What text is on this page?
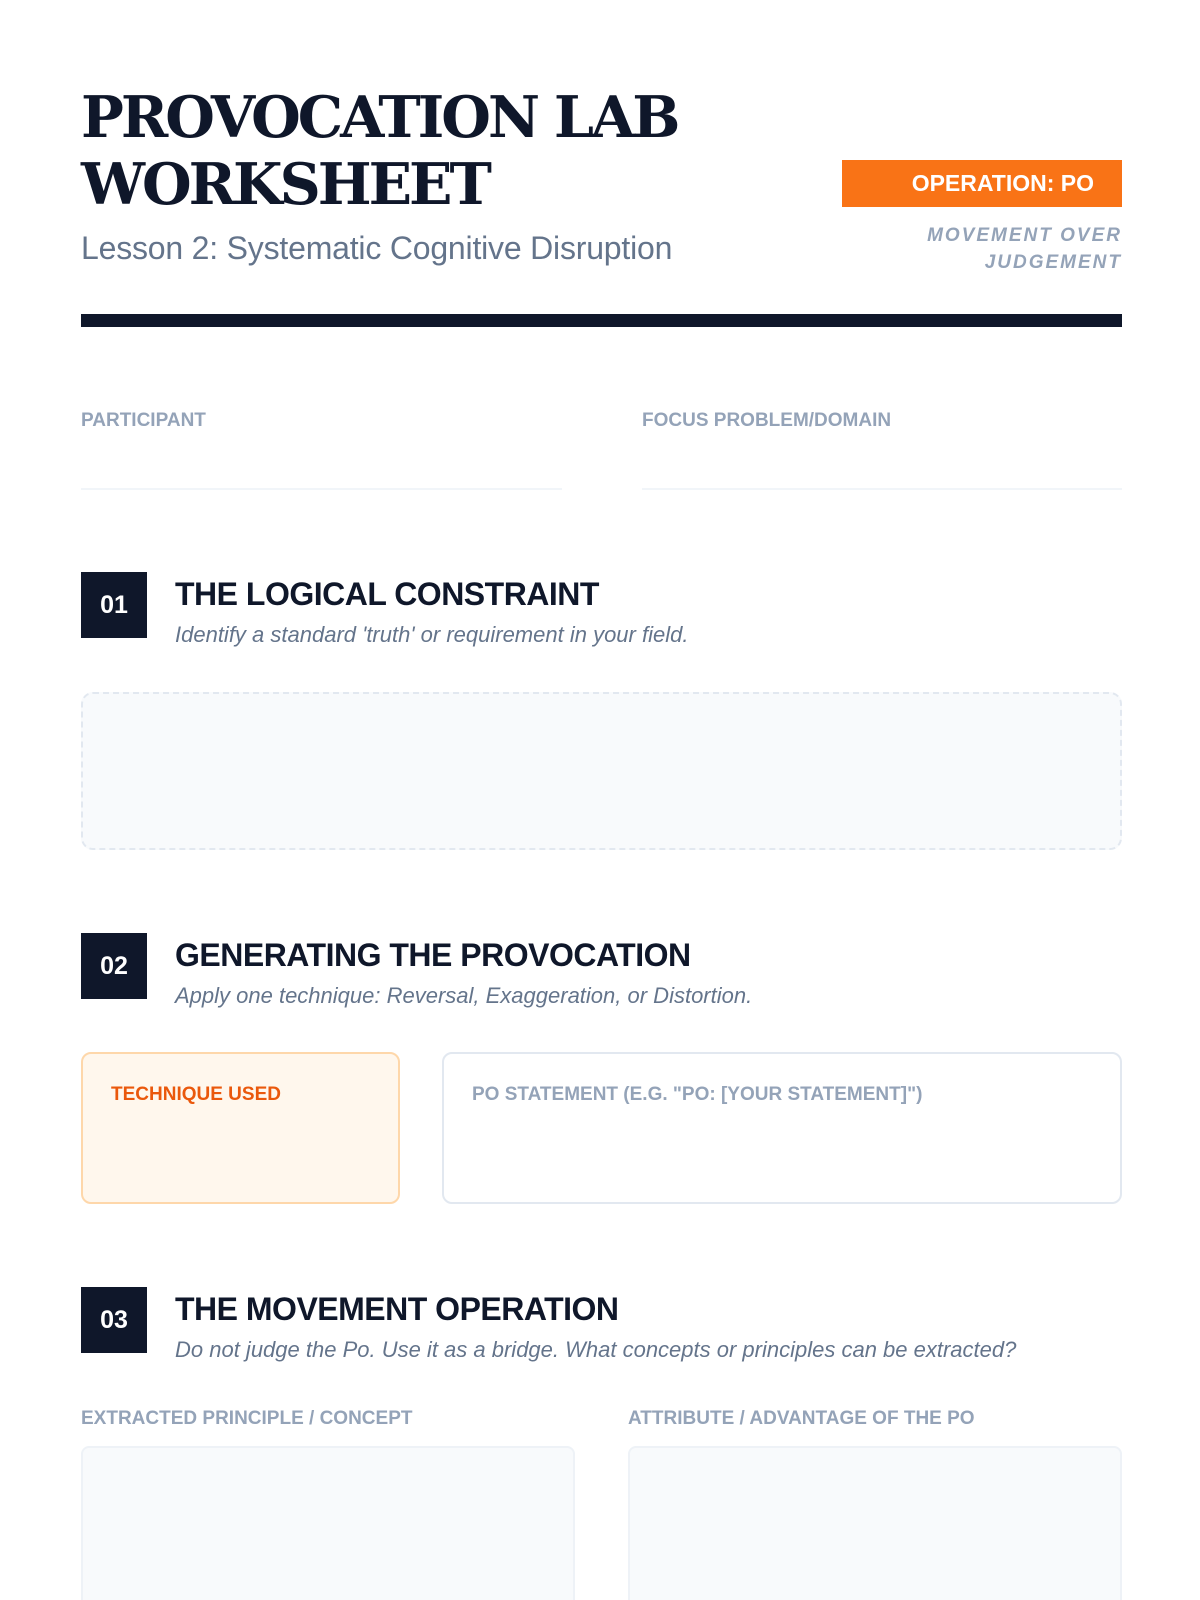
PROVOCATION LAB
WORKSHEET
Lesson 2: Systematic Cognitive Disruption
OPERATION: PO
MOVEMENT OVER JUDGEMENT
PARTICIPANT	FOCUS PROBLEM/DOMAIN
01	THE LOGICAL CONSTRAINT
Identify a standard 'truth' or requirement in your field.
02	GENERATING THE PROVOCATION
Apply one technique: Reversal, Exaggeration, or Distortion.
TECHNIQUE USED	PO STATEMENT (E.G. "PO: [YOUR STATEMENT]")
03	THE MOVEMENT OPERATION
Do not judge the Po. Use it as a bridge. What concepts or principles can be extracted?
EXTRACTED PRINCIPLE / CONCEPT	ATTRIBUTE / ADVANTAGE OF THE PO
